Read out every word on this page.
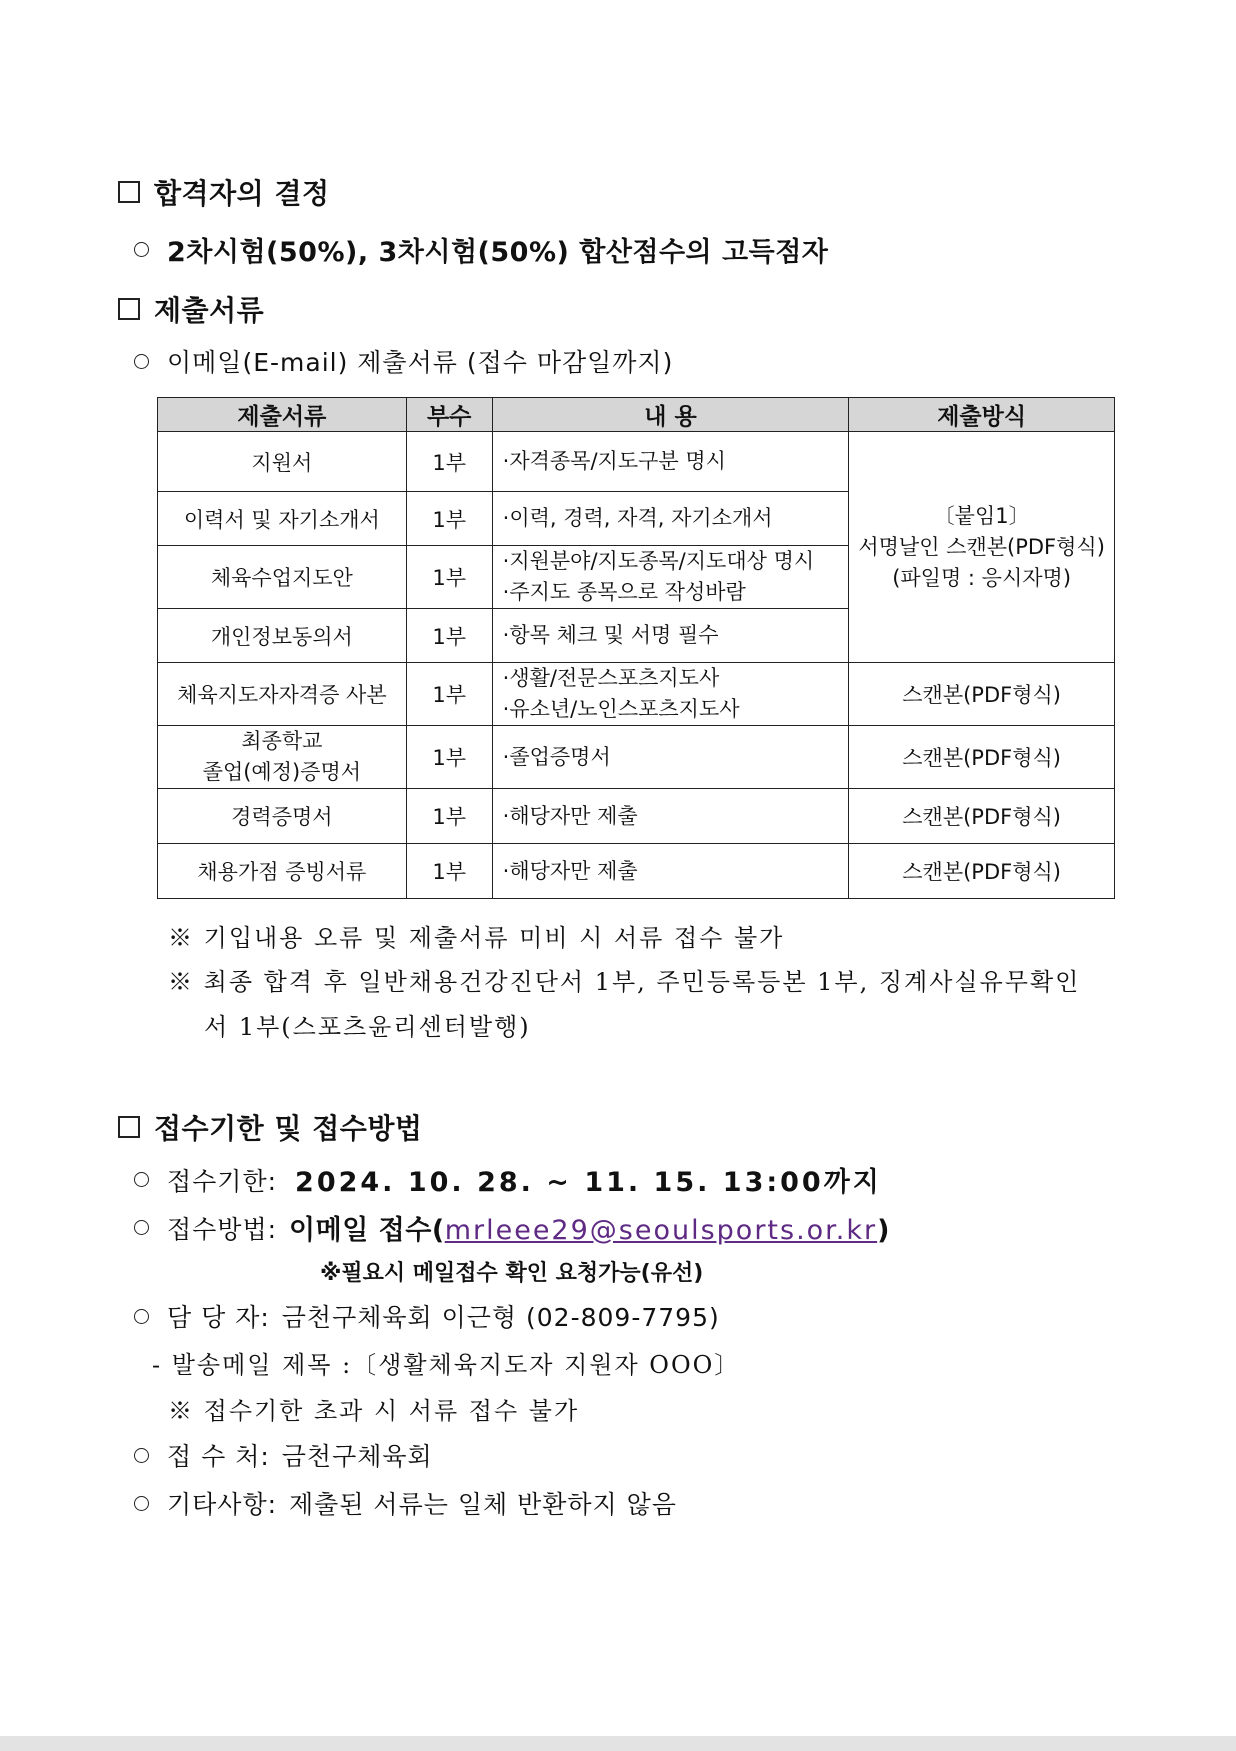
합격자의 결정
2차시험(50%), 3차시험(50%) 합산점수의 고득점자
제출서류
이메일(E-mail) 제출서류 (접수 마감일까지)
제출서류	부수	내 용	제출방식
지원서	1부	·자격종목/지도구분 명시	〔붙임1〕
서명날인 스캔본(PDF형식)
(파일명 : 응시자명)

이력서 및 자기소개서	1부	·이력, 경력, 자격, 자기소개서	
체육수업지도안	1부	·지원분야/지도종목/지도대상 명시
·주지도 종목으로 작성바람	

개인정보동의서	1부	·항목 체크 및 서명 필수	
체육지도자자격증 사본	1부	·생활/전문스포츠지도사
·유소년/노인스포츠지도사	스캔본(PDF형식)

최종학교
졸업(예정)증명서	1부	·졸업증명서	스캔본(PDF형식)
경력증명서	1부	·해당자만 제출	스캔본(PDF형식)
채용가점 증빙서류	1부	·해당자만 제출	스캔본(PDF형식)
※ 기입내용 오류 및 제출서류 미비 시 서류 접수 불가
※ 최종 합격 후 일반채용건강진단서 1부, 주민등록등본 1부, 징계사실유무확인
서 1부(스포츠윤리센터발행)
접수기한 및 접수방법
접수기한: 2024. 10. 28. ~ 11. 15. 13:00까지
접수방법: 이메일 접수(mrleee29@seoulsports.or.kr)
※필요시 메일접수 확인 요청가능(유선)
담 당 자: 금천구체육회 이근형 (02-809-7795)
- 발송메일 제목 :〔생활체육지도자 지원자 OOO〕
※ 접수기한 초과 시 서류 접수 불가
접 수 처: 금천구체육회
기타사항: 제출된 서류는 일체 반환하지 않음
